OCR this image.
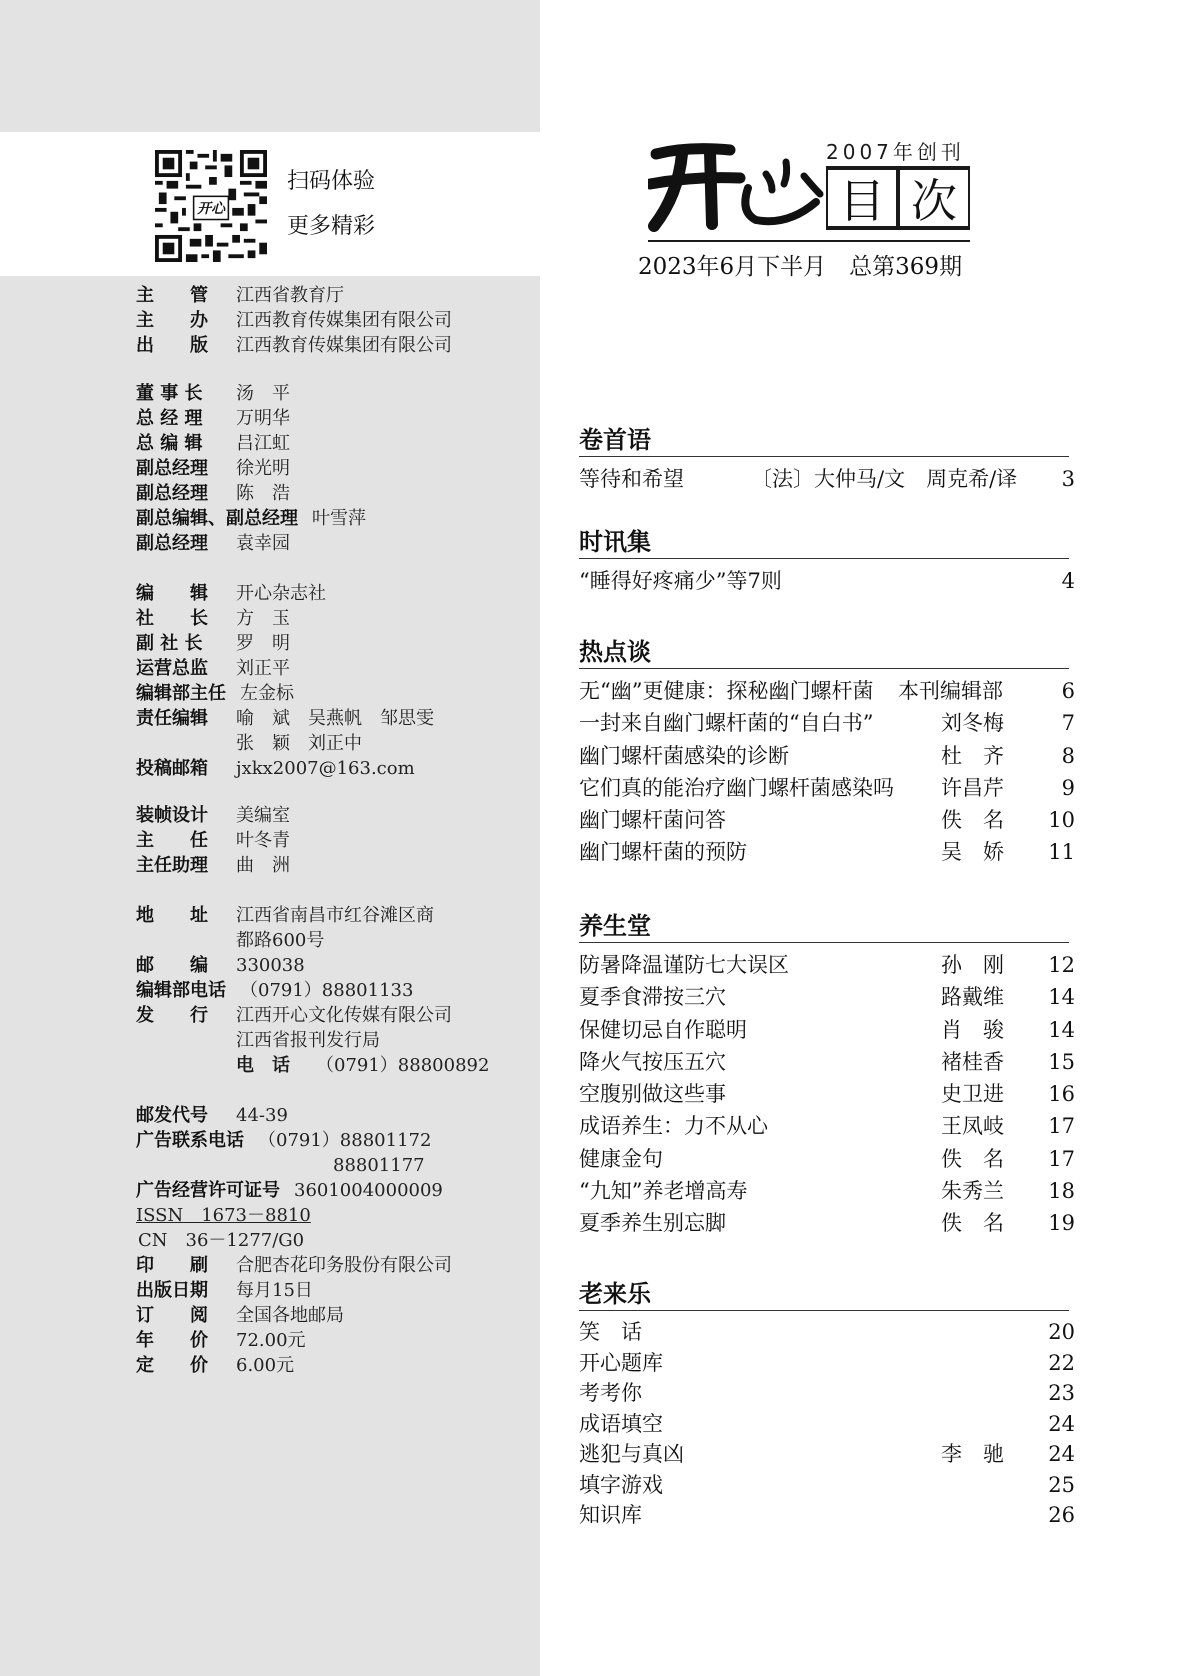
开心
扫码体验
更多精彩
2007年创刊
目 次
2023年6月下半月　总第369期
主　　管	江西省教育厅
主　　办	江西教育传媒集团有限公司
出　　版	江西教育传媒集团有限公司
董 事 长	汤　平
总 经 理	万明华
总 编 辑	吕江虹
副总经理	徐光明
副总经理	陈　浩
副总编辑、副总经理 叶雪萍
副总经理	袁幸园
编　　辑	开心杂志社
社　　长	方　玉
副 社 长	罗　明
运营总监	刘正平
编辑部主任 左金标
责任编辑	喻　斌　吴燕帆　邹思雯
张　颖　刘正中
投稿邮箱	jxkx2007@163.com
装帧设计	美编室
主　　任	叶冬青
主任助理	曲　洲
地　　址	江西省南昌市红谷滩区商
都路600号
邮　　编	330038
编辑部电话 （0791）88801133
发　　行	江西开心文化传媒有限公司
江西省报刊发行局
电　话	（0791）88800892
邮发代号	44-39
广告联系电话 （0791）88801172
88801177
广告经营许可证号 3601004000009
ISSN　1673－8810
CN　36－1277/G0
印　　刷	合肥杏花印务股份有限公司
出版日期	每月15日
订　　阅	全国各地邮局
年　　价	72.00元
定　　价	6.00元
卷首语
等待和希望	〔法〕大仲马/文　周克希/译 3
时讯集
“睡得好疼痛少”等7则	4
热点谈
无“幽”更健康：探秘幽门螺杆菌 本刊编辑部	6
一封来自幽门螺杆菌的“自白书”	刘冬梅	7
幽门螺杆菌感染的诊断	杜　齐	8
它们真的能治疗幽门螺杆菌感染吗 许昌芹	9
幽门螺杆菌问答	佚　名 10
幽门螺杆菌的预防	吴　娇 11
养生堂
防暑降温谨防七大误区	孙　刚 12
夏季食滞按三穴	路戴维 14
保健切忌自作聪明	肖　骏 14
降火气按压五穴	褚桂香 15
空腹别做这些事	史卫进 16
成语养生：力不从心	王凤岐 17
健康金句	佚　名 17
“九知”养老增高寿	朱秀兰 18
夏季养生别忘脚	佚　名 19
老来乐
笑　话	20
开心题库	22
考考你	23
成语填空	24
逃犯与真凶	李　驰 24
填字游戏	25
知识库	26
